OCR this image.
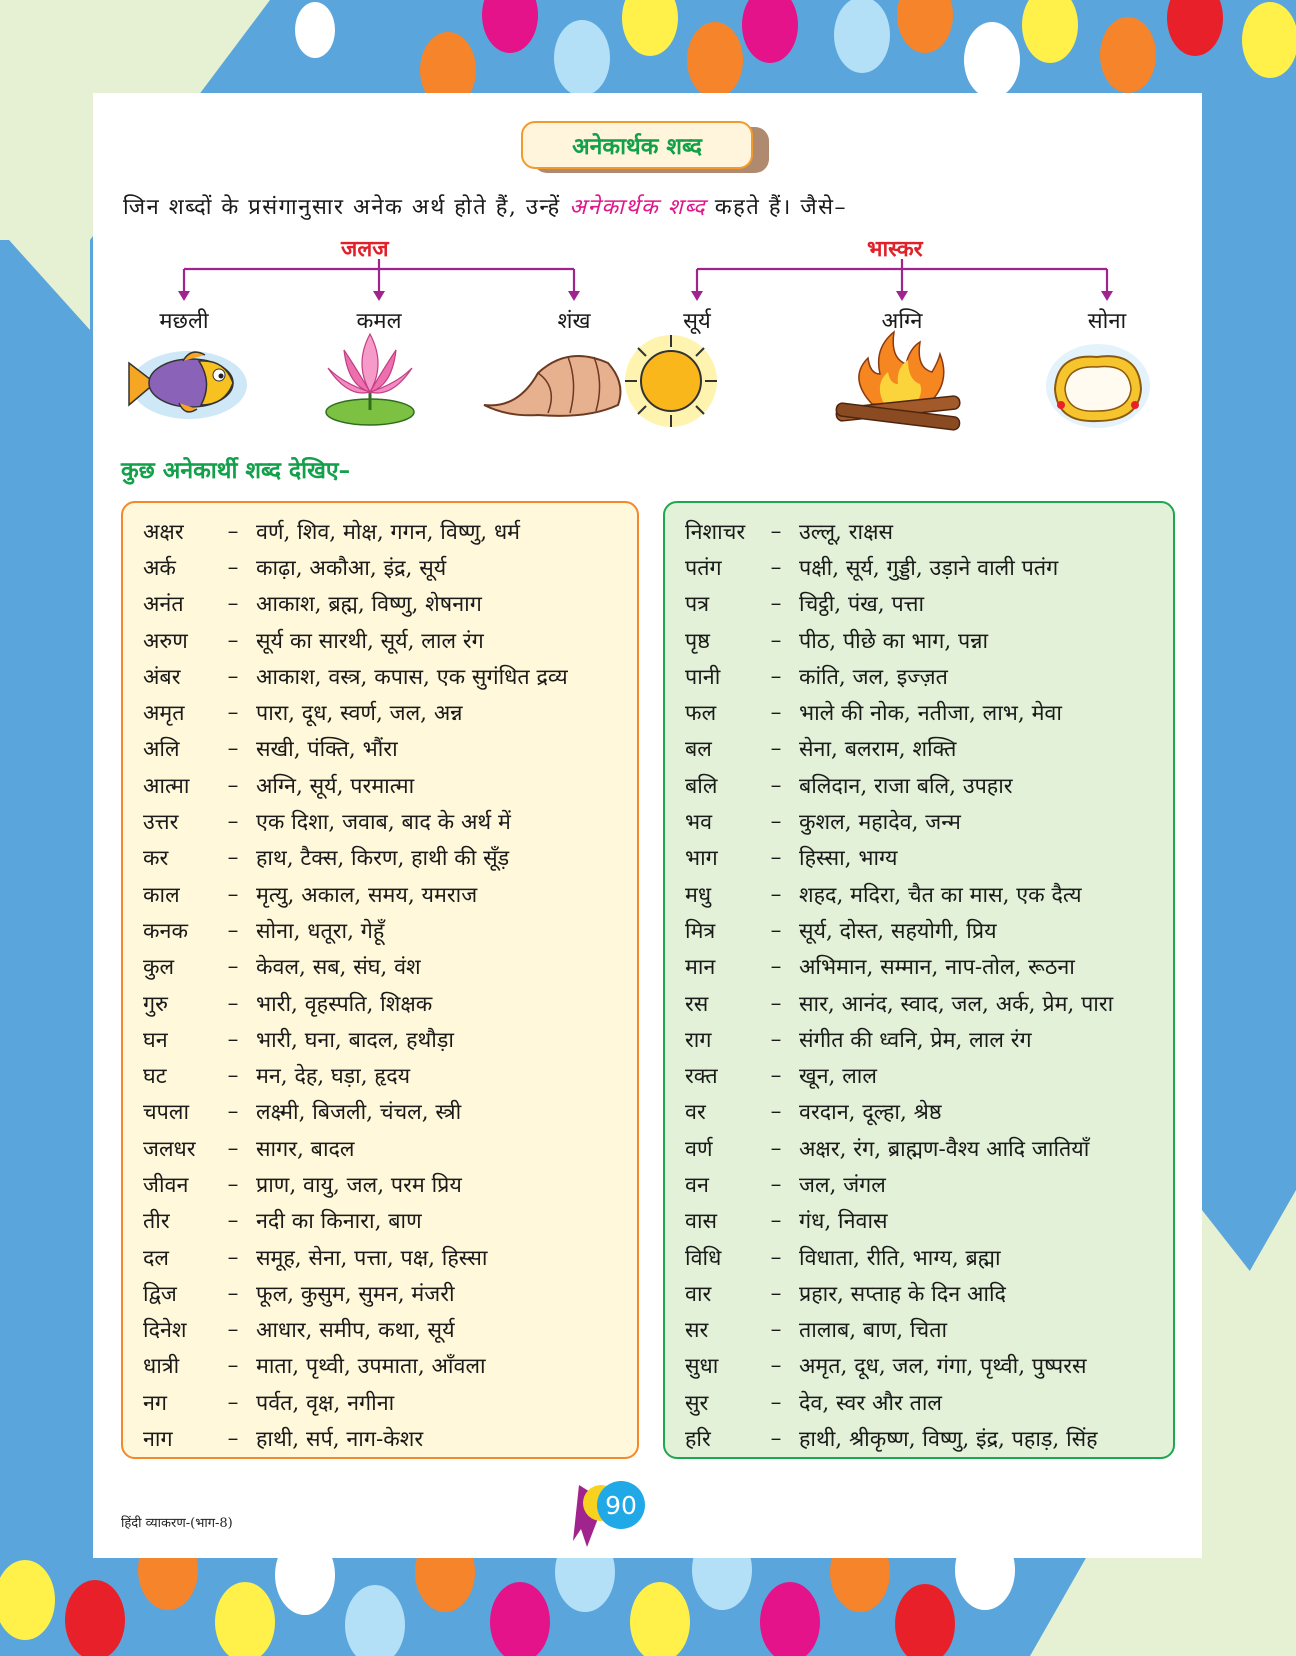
अनेकार्थक शब्द
जिन शब्दों के प्रसंगानुसार अनेक अर्थ होते हैं, उन्हें अनेकार्थक शब्द कहते हैं। जैसे–
जलज	भास्कर
मछली	कमल	शंख	सूर्य	अग्नि	सोना
कुछ अनेकार्थी शब्द देखिए–
अक्षर	– वर्ण, शिव, मोक्ष, गगन, विष्णु, धर्म
अर्क	– काढ़ा, अकौआ, इंद्र, सूर्य
अनंत	– आकाश, ब्रह्म, विष्णु, शेषनाग
अरुण	– सूर्य का सारथी, सूर्य, लाल रंग
अंबर	– आकाश, वस्त्र, कपास, एक सुगंधित द्रव्य
अमृत	– पारा, दूध, स्वर्ण, जल, अन्न
अलि	– सखी, पंक्ति, भौंरा
आत्मा	– अग्नि, सूर्य, परमात्मा
उत्तर	– एक दिशा, जवाब, बाद के अर्थ में
कर	– हाथ, टैक्स, किरण, हाथी की सूँड़
काल	– मृत्यु, अकाल, समय, यमराज
कनक	– सोना, धतूरा, गेहूँ
कुल	– केवल, सब, संघ, वंश
गुरु	– भारी, वृहस्पति, शिक्षक
घन	– भारी, घना, बादल, हथौड़ा
घट	– मन, देह, घड़ा, हृदय
चपला	– लक्ष्मी, बिजली, चंचल, स्त्री
जलधर	– सागर, बादल
जीवन	– प्राण, वायु, जल, परम प्रिय
तीर	– नदी का किनारा, बाण
दल	– समूह, सेना, पत्ता, पक्ष, हिस्सा
द्विज	– फूल, कुसुम, सुमन, मंजरी
दिनेश	– आधार, समीप, कथा, सूर्य
धात्री	– माता, पृथ्वी, उपमाता, आँवला
नग	– पर्वत, वृक्ष, नगीना
नाग	– हाथी, सर्प, नाग-केशर
निशाचर	– उल्लू, राक्षस
पतंग	– पक्षी, सूर्य, गुड्डी, उड़ाने वाली पतंग
पत्र	– चिट्ठी, पंख, पत्ता
पृष्ठ	– पीठ, पीछे का भाग, पन्ना
पानी	– कांति, जल, इज्ज़त
फल	– भाले की नोक, नतीजा, लाभ, मेवा
बल	– सेना, बलराम, शक्ति
बलि	– बलिदान, राजा बलि, उपहार
भव	– कुशल, महादेव, जन्म
भाग	– हिस्सा, भाग्य
मधु	– शहद, मदिरा, चैत का मास, एक दैत्य
मित्र	– सूर्य, दोस्त, सहयोगी, प्रिय
मान	– अभिमान, सम्मान, नाप-तोल, रूठना
रस	– सार, आनंद, स्वाद, जल, अर्क, प्रेम, पारा
राग	– संगीत की ध्वनि, प्रेम, लाल रंग
रक्त	– खून, लाल
वर	– वरदान, दूल्हा, श्रेष्ठ
वर्ण	– अक्षर, रंग, ब्राह्मण-वैश्य आदि जातियाँ
वन	– जल, जंगल
वास	– गंध, निवास
विधि	– विधाता, रीति, भाग्य, ब्रह्मा
वार	– प्रहार, सप्ताह के दिन आदि
सर	– तालाब, बाण, चिता
सुधा	– अमृत, दूध, जल, गंगा, पृथ्वी, पुष्परस
सुर	– देव, स्वर और ताल
हरि	– हाथी, श्रीकृष्ण, विष्णु, इंद्र, पहाड़, सिंह
हिंदी व्याकरण-(भाग-8)
90
